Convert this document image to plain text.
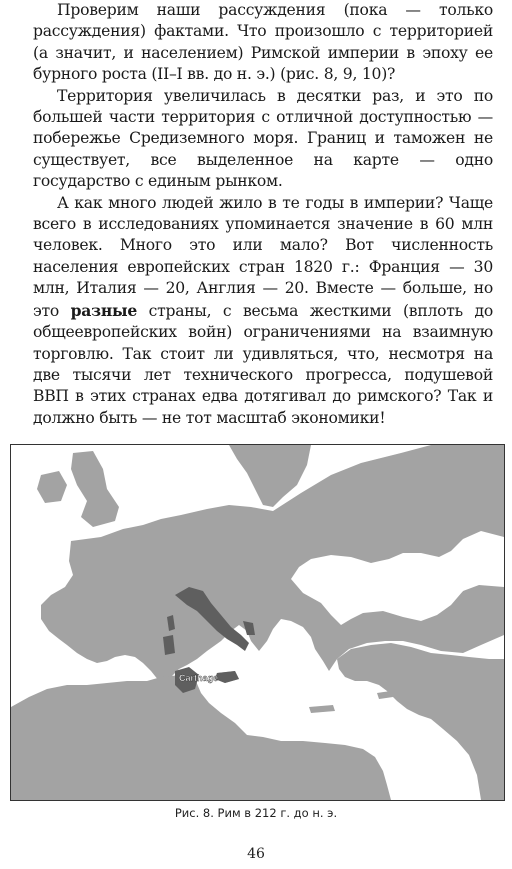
Проверим наши рассуждения (пока — только рассуждения) фактами. Что произошло с территорией (а значит, и населением) Римской империи в эпоху ее бурного роста (II–I вв. до н. э.) (рис. 8, 9, 10)?

Территория увеличилась в десятки раз, и это по большей части территория с отличной доступностью — побережье Средиземного моря. Границ и таможен не существует, все выделенное на карте — одно государство с единым рынком.

А как много людей жило в те годы в империи? Чаще всего в исследованиях упоминается значение в 60 млн человек. Много это или мало? Вот численность населения европейских стран 1820 г.: Франция — 30 млн, Италия — 20, Англия — 20. Вместе — больше, но это разные страны, с весьма жесткими (вплоть до общеевропейских войн) ограничениями на взаимную торговлю. Так стоит ли удивляться, что, несмотря на две тысячи лет технического прогресса, подушевой ВВП в этих странах едва дотягивал до римского? Так и должно быть — не тот масштаб экономики!

Carthage
Рис. 8. Рим в 212 г. до н. э.
46
